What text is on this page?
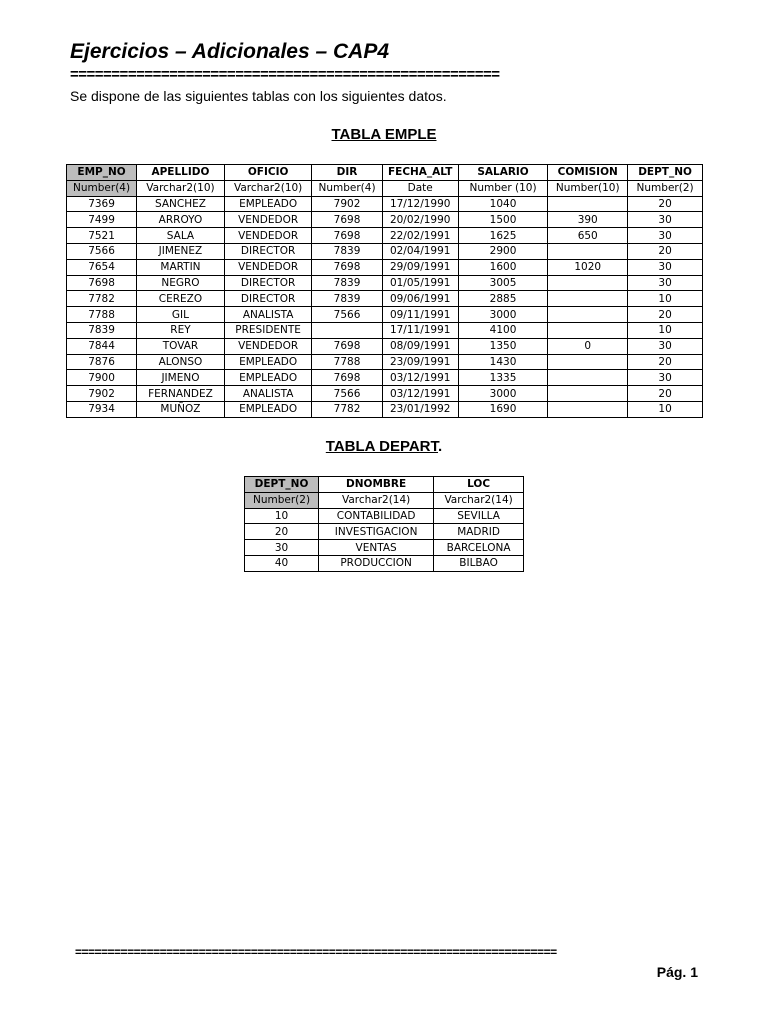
Ejercicios – Adicionales – CAP4
====================================================
Se dispone de las siguientes tablas con los siguientes datos.
TABLA EMPLE
EMP_NO	APELLIDO	OFICIO	DIR	FECHA_ALT	SALARIO	COMISION	DEPT_NO
Number(4)	Varchar2(10)	Varchar2(10)	Number(4)	Date	Number (10)	Number(10)	Number(2)
7369	SANCHEZ	EMPLEADO	7902	17/12/1990	1040		20
7499	ARROYO	VENDEDOR	7698	20/02/1990	1500	390	30
7521	SALA	VENDEDOR	7698	22/02/1991	1625	650	30
7566	JIMENEZ	DIRECTOR	7839	02/04/1991	2900		20
7654	MARTIN	VENDEDOR	7698	29/09/1991	1600	1020	30
7698	NEGRO	DIRECTOR	7839	01/05/1991	3005		30
7782	CEREZO	DIRECTOR	7839	09/06/1991	2885		10
7788	GIL	ANALISTA	7566	09/11/1991	3000		20
7839	REY	PRESIDENTE		17/11/1991	4100		10
7844	TOVAR	VENDEDOR	7698	08/09/1991	1350	0	30
7876	ALONSO	EMPLEADO	7788	23/09/1991	1430		20
7900	JIMENO	EMPLEADO	7698	03/12/1991	1335		30
7902	FERNANDEZ	ANALISTA	7566	03/12/1991	3000		20
7934	MUÑOZ	EMPLEADO	7782	23/01/1992	1690		10
TABLA DEPART.
DEPT_NO	DNOMBRE	LOC
Number(2)	Varchar2(14)	Varchar2(14)
10	CONTABILIDAD	SEVILLA
20	INVESTIGACION	MADRID
30	VENTAS	BARCELONA
40	PRODUCCION	BILBAO
==========================================================================
Pág. 1
